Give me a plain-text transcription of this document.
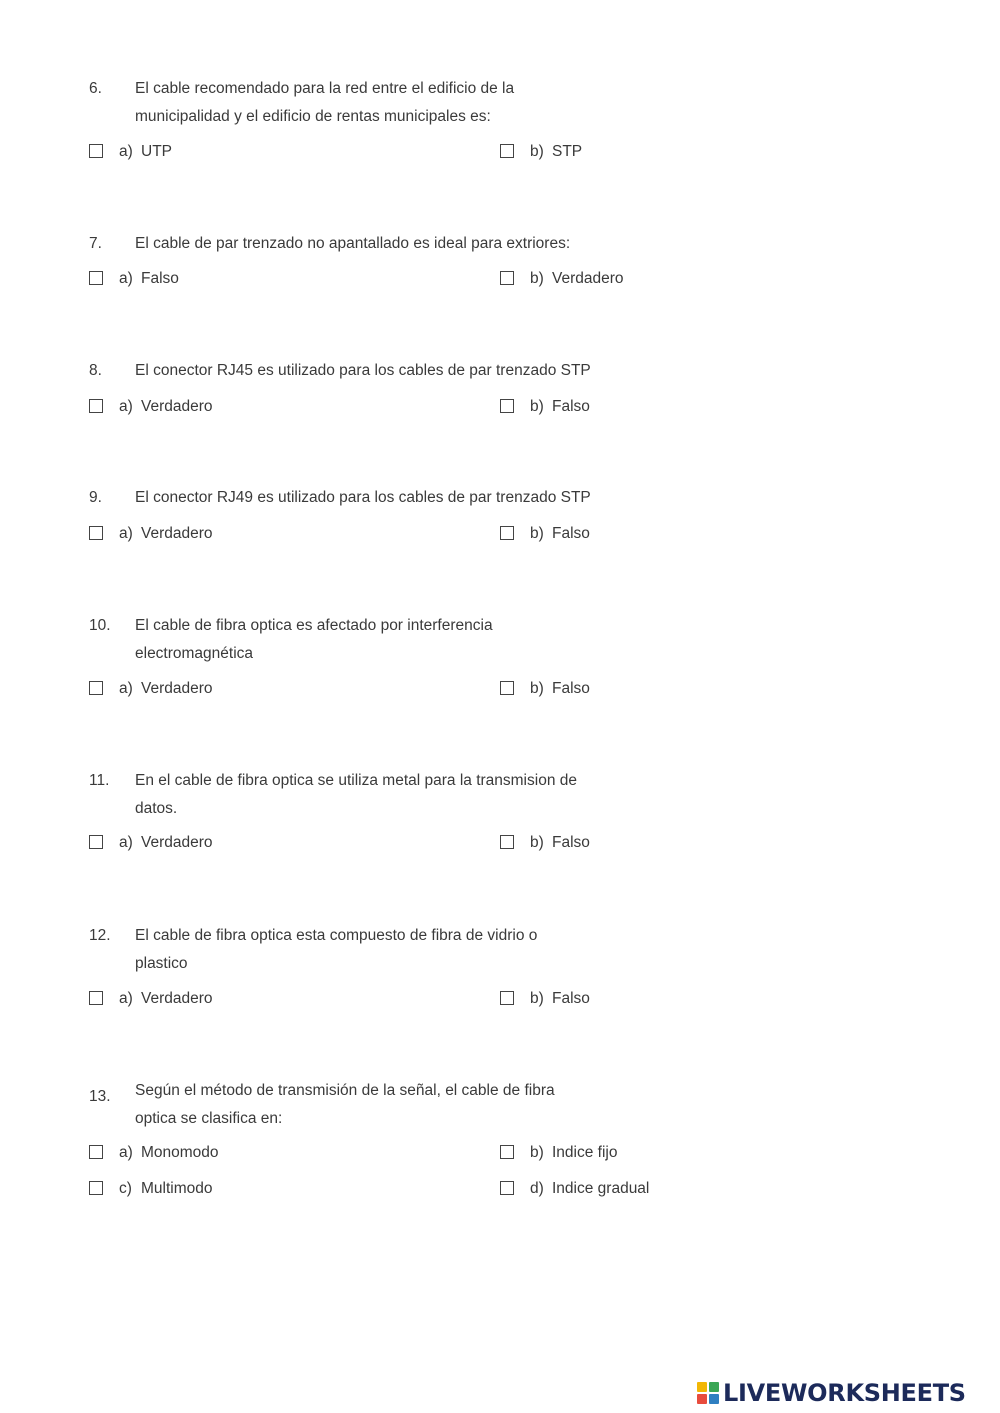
6. El cable recomendado para la red entre el edificio de la
municipalidad y el edificio de rentas municipales es:
a) UTP	b) STP
7. El cable de par trenzado no apantallado es ideal para extriores:
a) Falso	b) Verdadero
8. El conector RJ45 es utilizado para los cables de par trenzado STP
a) Verdadero	b) Falso
9. El conector RJ49 es utilizado para los cables de par trenzado STP
a) Verdadero	b) Falso
10. El cable de fibra optica es afectado por interferencia
electromagnética
a) Verdadero	b) Falso
11. En el cable de fibra optica se utiliza metal para la transmision de
datos.
a) Verdadero	b) Falso
12. El cable de fibra optica esta compuesto de fibra de vidrio o
plastico
a) Verdadero	b) Falso
13. Según el método de transmisión de la señal, el cable de fibra
optica se clasifica en:
a) Monomodo	b) Indice fijo
c) Multimodo	d) Indice gradual
LIVEWORKSHEETS
